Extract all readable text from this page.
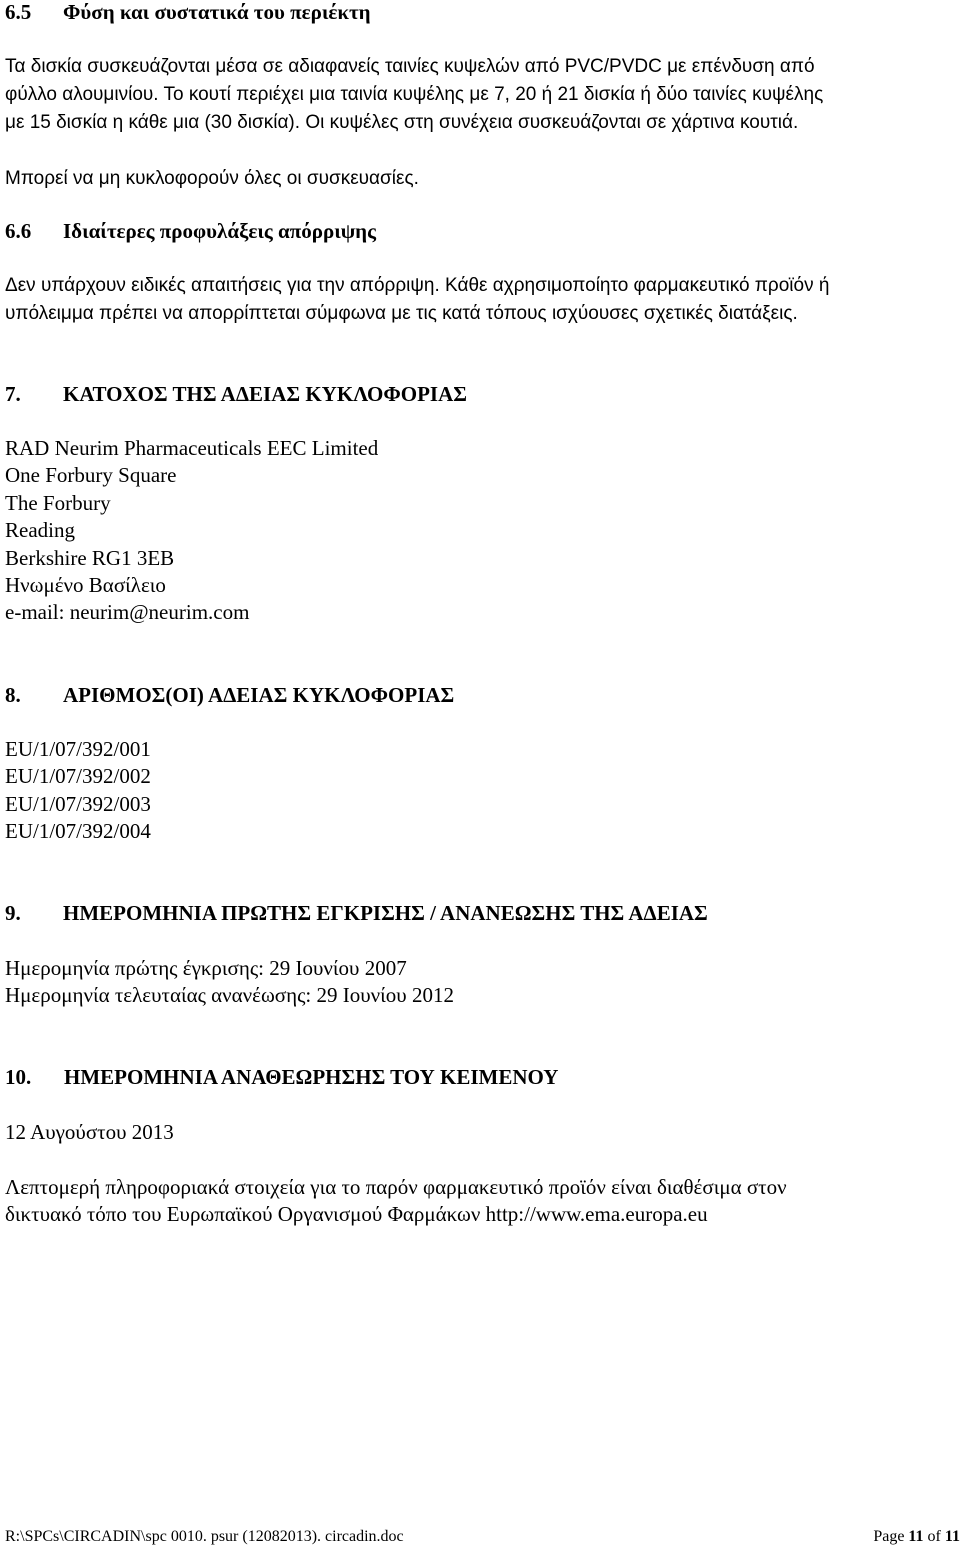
6.5 Φύση και συστατικά του περιέκτη
Τα δισκία συσκευάζονται μέσα σε αδιαφανείς ταινίες κυψελών από PVC/PVDC με επένδυση από
φύλλο αλουμινίου. Το κουτί περιέχει μια ταινία κυψέλης με 7, 20 ή 21 δισκία ή δύο ταινίες κυψέλης
με 15 δισκία η κάθε μια (30 δισκία). Οι κυψέλες στη συνέχεια συσκευάζονται σε χάρτινα κουτιά.
Μπορεί να μη κυκλοφορούν όλες οι συσκευασίες.
6.6 Ιδιαίτερες προφυλάξεις απόρριψης
Δεν υπάρχουν ειδικές απαιτήσεις για την απόρριψη. Κάθε αχρησιμοποίητο φαρμακευτικό προϊόν ή
υπόλειμμα πρέπει να απορρίπτεται σύμφωνα με τις κατά τόπους ισχύουσες σχετικές διατάξεις.
7. ΚΑΤΟΧΟΣ ΤΗΣ ΑΔΕΙΑΣ ΚΥΚΛΟΦΟΡΙΑΣ
RAD Neurim Pharmaceuticals EEC Limited
One Forbury Square
The Forbury
Reading
Berkshire RG1 3EB
Ηνωμένο Βασίλειο
e-mail: neurim@neurim.com
8. ΑΡΙΘΜΟΣ(ΟΙ) ΑΔΕΙΑΣ ΚΥΚΛΟΦΟΡΙΑΣ
EU/1/07/392/001
EU/1/07/392/002
EU/1/07/392/003
EU/1/07/392/004
9. ΗΜΕΡΟΜΗΝΙΑ ΠΡΩΤΗΣ ΕΓΚΡΙΣΗΣ / ΑΝΑΝΕΩΣΗΣ ΤΗΣ ΑΔΕΙΑΣ
Ημερομηνία πρώτης έγκρισης: 29 Ιουνίου 2007
Ημερομηνία τελευταίας ανανέωσης: 29 Ιουνίου 2012
10. ΗΜΕΡΟΜΗΝΙΑ ΑΝΑΘΕΩΡΗΣΗΣ ΤΟΥ ΚΕΙΜΕΝΟΥ
12 Αυγούστου 2013
Λεπτομερή πληροφοριακά στοιχεία για το παρόν φαρμακευτικό προϊόν είναι διαθέσιμα στον
δικτυακό τόπο του Ευρωπαϊκού Οργανισμού Φαρμάκων http://www.ema.europa.eu
R:\SPCs\CIRCADIN\spc 0010. psur (12082013). circadin.doc	Page 11 of 11
